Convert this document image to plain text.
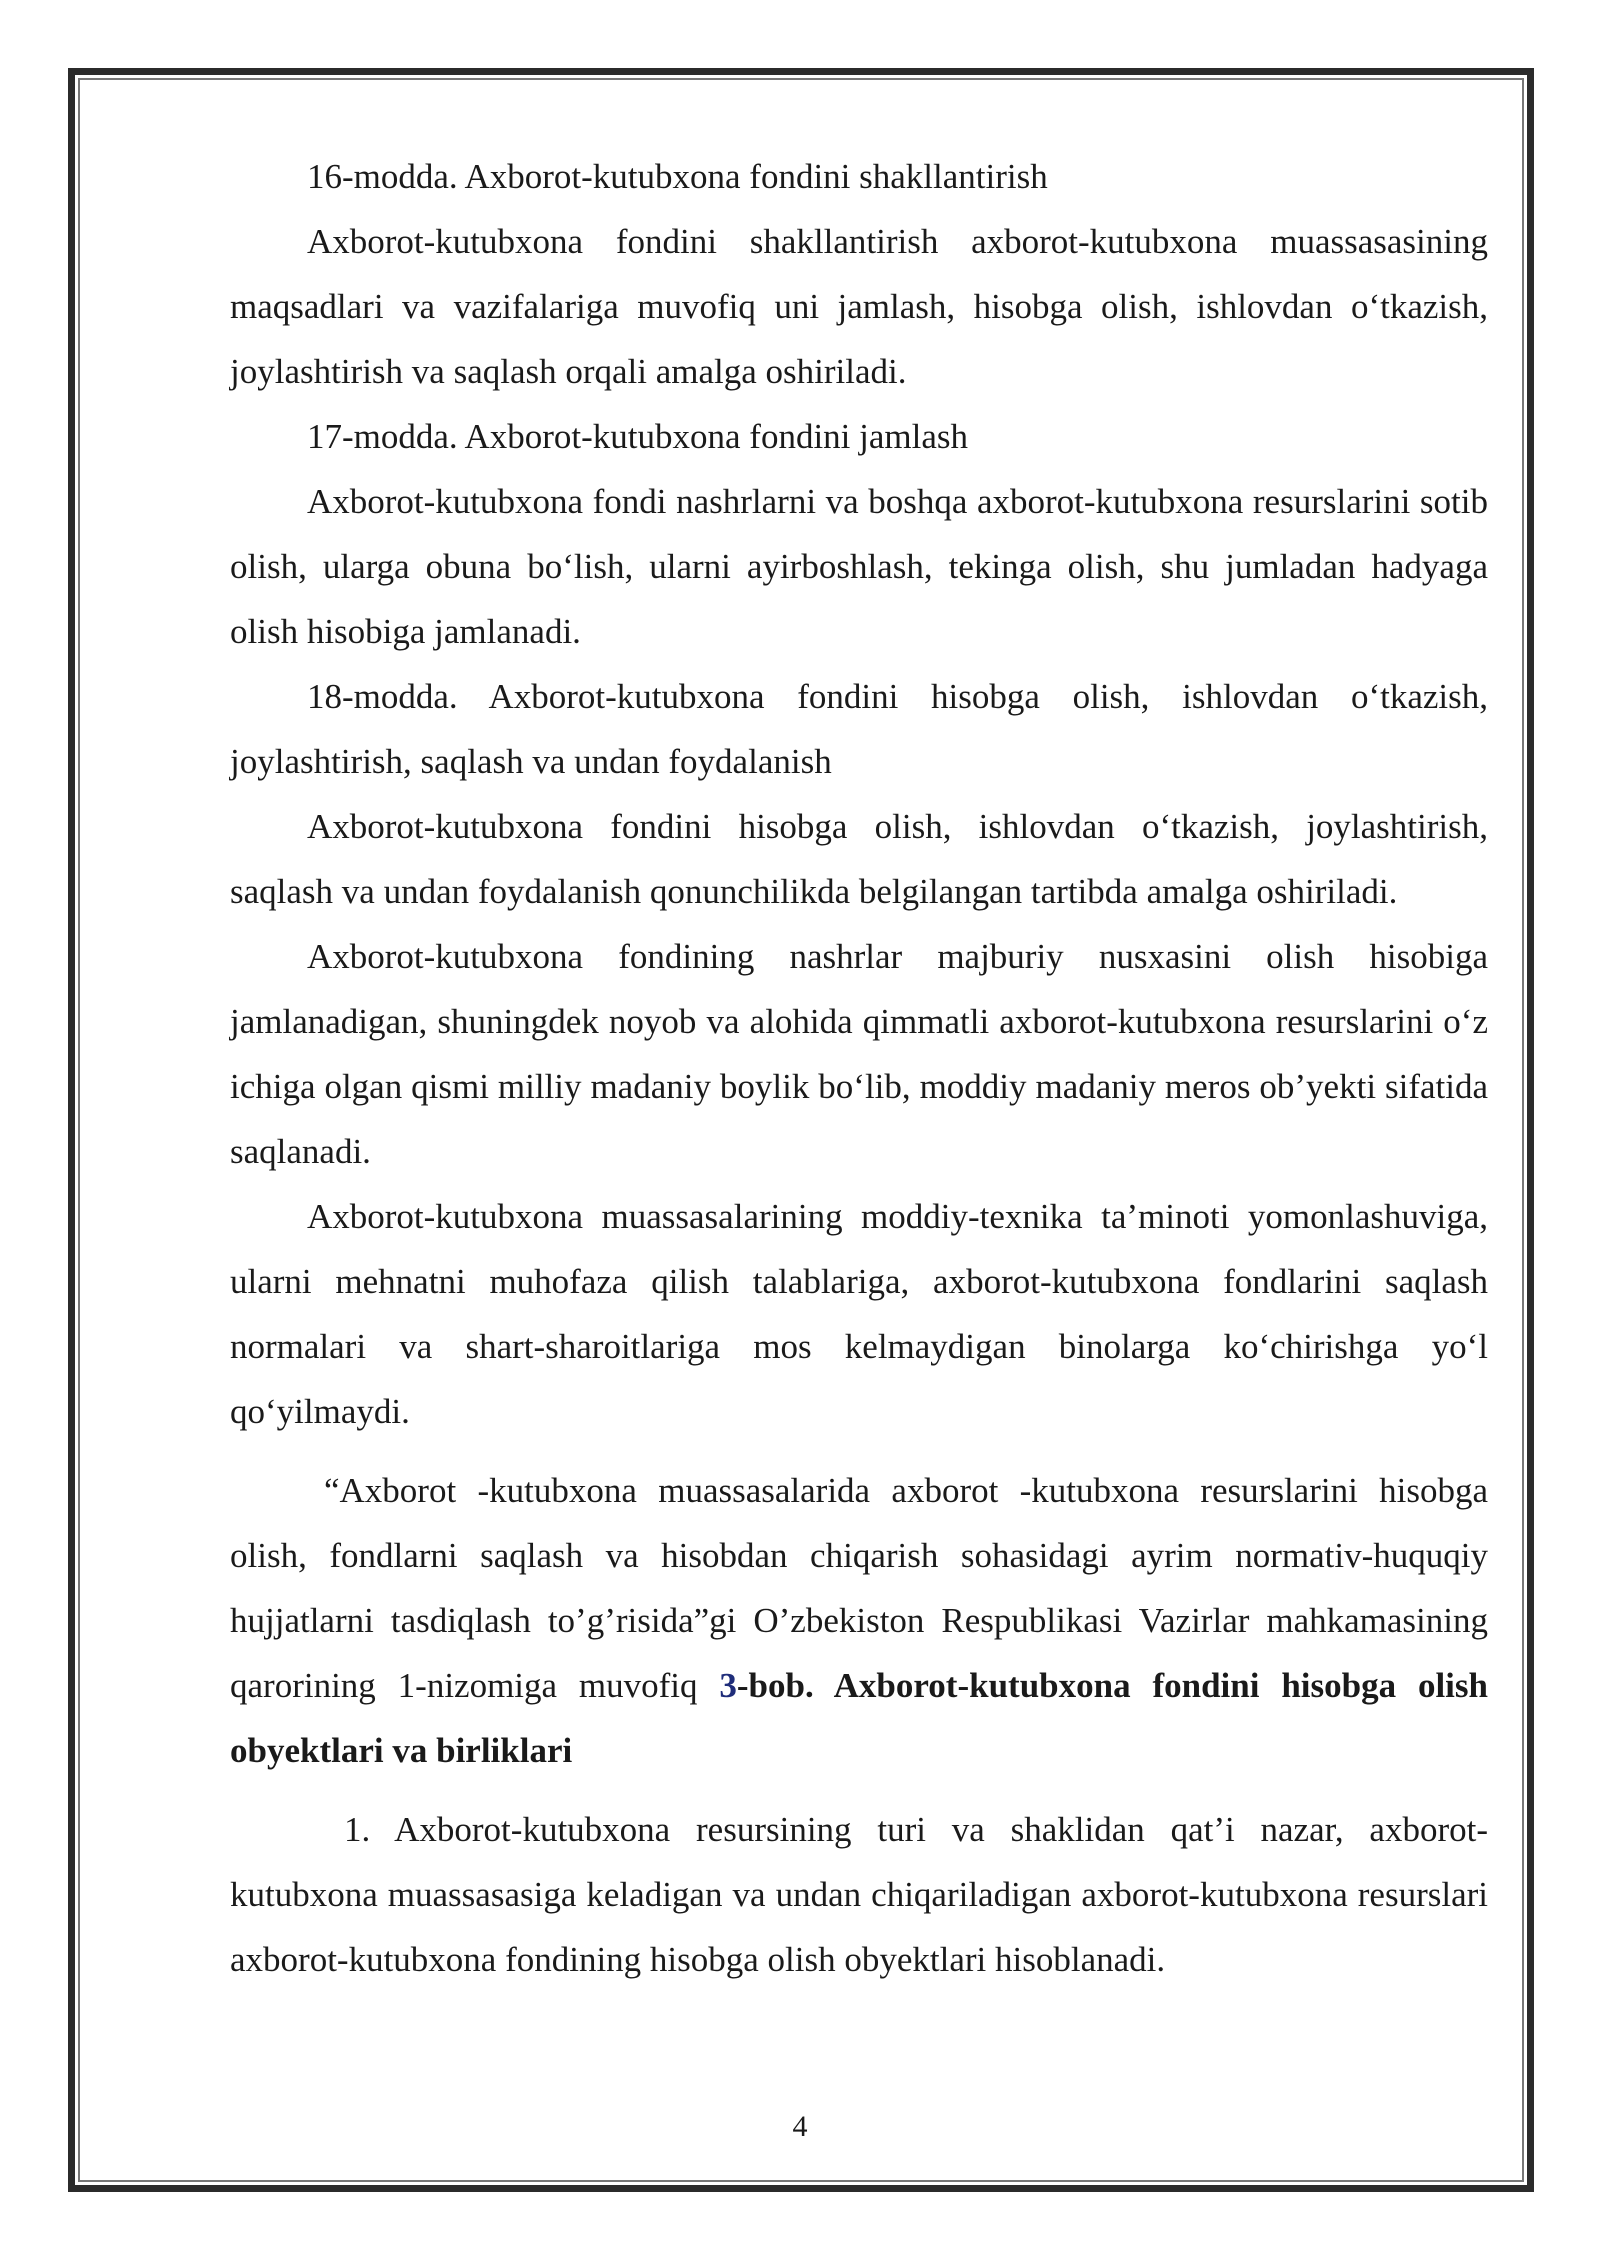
16-modda. Axborot-kutubxona fondini shakllantirish

Axborot-kutubxona fondini shakllantirish axborot-kutubxona muassasasining maqsadlari va vazifalariga muvofiq uni jamlash, hisobga olish, ishlovdan o‘tkazish, joylashtirish va saqlash orqali amalga oshiriladi.

17-modda. Axborot-kutubxona fondini jamlash

Axborot-kutubxona fondi nashrlarni va boshqa axborot-kutubxona resurslarini sotib olish, ularga obuna bo‘lish, ularni ayirboshlash, tekinga olish, shu jumladan hadyaga olish hisobiga jamlanadi.

18-modda. Axborot-kutubxona fondini hisobga olish, ishlovdan o‘tkazish, joylashtirish, saqlash va undan foydalanish

Axborot-kutubxona fondini hisobga olish, ishlovdan o‘tkazish, joylashtirish, saqlash va undan foydalanish qonunchilikda belgilangan tartibda amalga oshiriladi.

Axborot-kutubxona fondining nashrlar majburiy nusxasini olish hisobiga jamlanadigan, shuningdek noyob va alohida qimmatli axborot-kutubxona resurslarini o‘z ichiga olgan qismi milliy madaniy boylik bo‘lib, moddiy madaniy meros ob’yekti sifatida saqlanadi.

Axborot-kutubxona muassasalarining moddiy-texnika ta’minoti yomonlashuviga, ularni mehnatni muhofaza qilish talablariga, axborot-kutubxona fondlarini saqlash normalari va shart-sharoitlariga mos kelmaydigan binolarga ko‘chirishga yo‘l qo‘yilmaydi.

“Axborot -kutubxona muassasalarida axborot -kutubxona resurslarini hisobga olish, fondlarni saqlash va hisobdan chiqarish sohasidagi ayrim normativ-huquqiy hujjatlarni tasdiqlash to’g’risida”gi O’zbekiston Respublikasi Vazirlar mahkamasining qarorining 1-nizomiga muvofiq 3-bob. Axborot-kutubxona fondini hisobga olish obyektlari va birliklari

1. Axborot-kutubxona resursining turi va shaklidan qat’i nazar, axborot-kutubxona muassasasiga keladigan va undan chiqariladigan axborot-kutubxona resurslari axborot-kutubxona fondining hisobga olish obyektlari hisoblanadi.

4
